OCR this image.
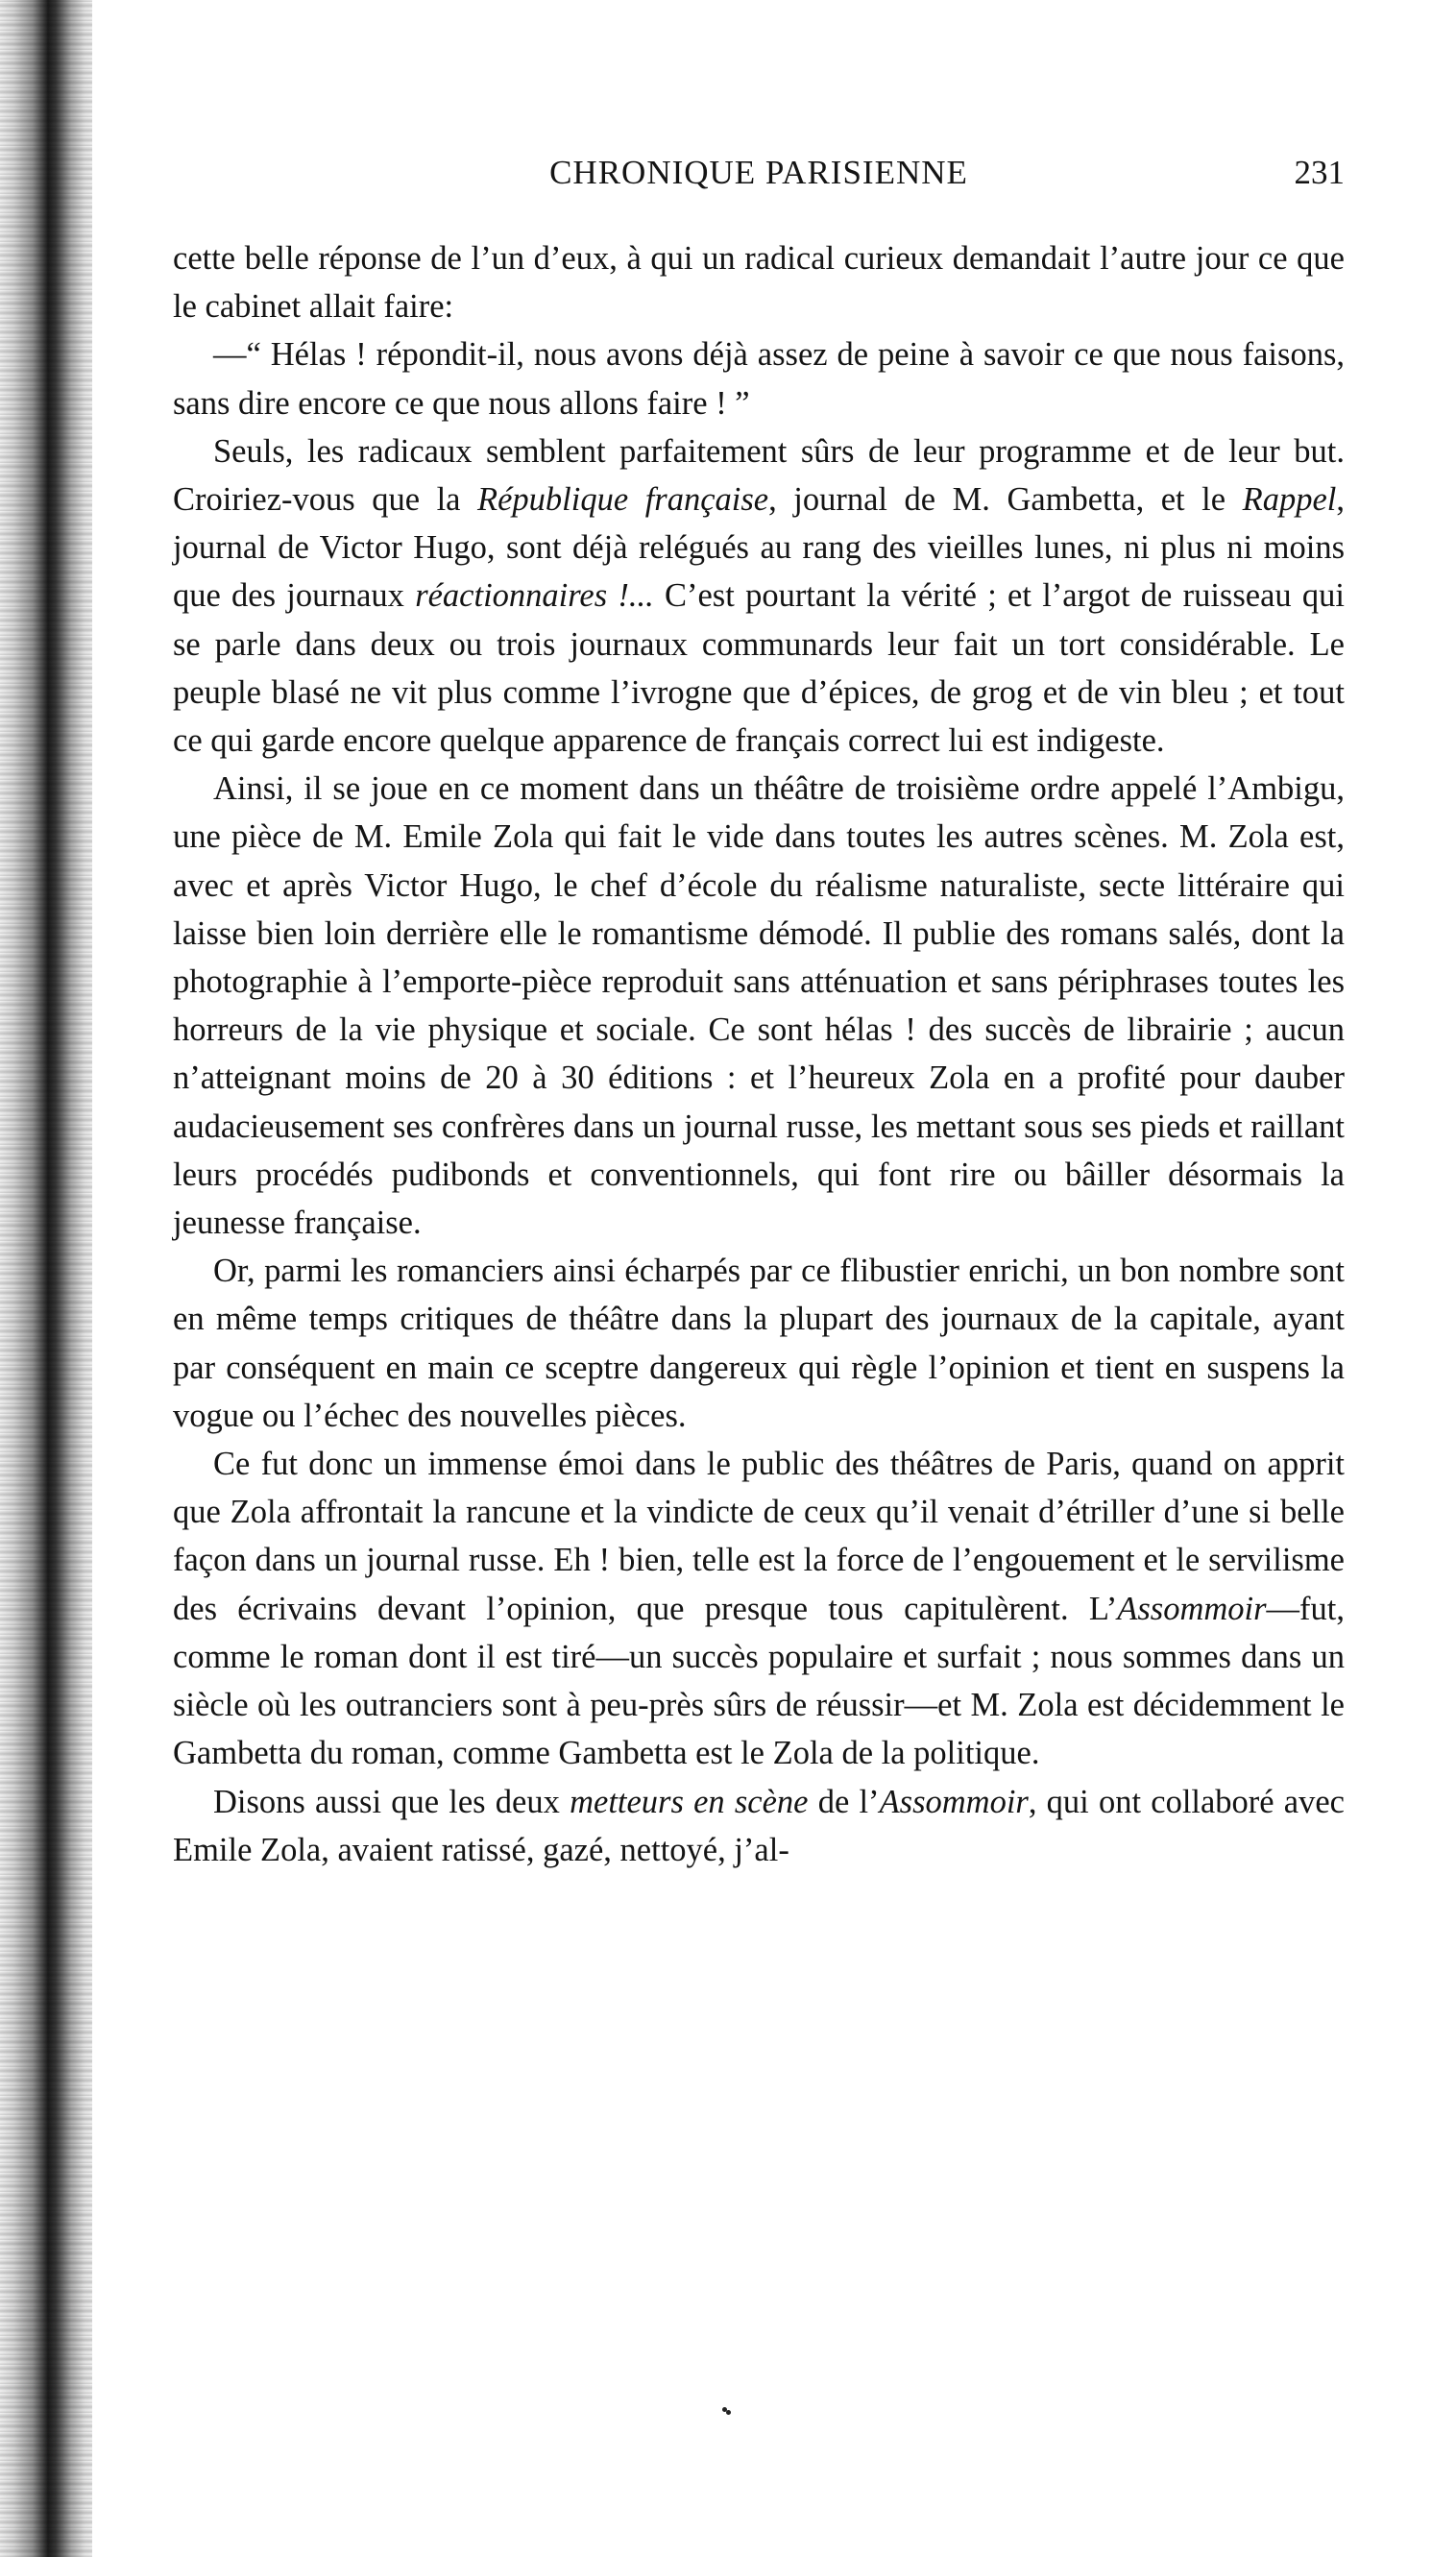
CHRONIQUE PARISIENNE	231

cette belle réponse de l’un d’eux, à qui un radical curieux demandait l’autre jour ce que le cabinet allait faire:

—“ Hélas ! répondit-il, nous avons déjà assez de peine à savoir ce que nous faisons, sans dire encore ce que nous allons faire ! ”

Seuls, les radicaux semblent parfaitement sûrs de leur programme et de leur but. Croiriez-vous que la République française, journal de M. Gambetta, et le Rappel, journal de Victor Hugo, sont déjà relégués au rang des vieilles lunes, ni plus ni moins que des journaux réactionnaires !... C’est pourtant la vérité ; et l’argot de ruisseau qui se parle dans deux ou trois journaux communards leur fait un tort considérable. Le peuple blasé ne vit plus comme l’ivrogne que d’épices, de grog et de vin bleu ; et tout ce qui garde encore quelque apparence de français correct lui est indigeste.

Ainsi, il se joue en ce moment dans un théâtre de troisième ordre appelé l’Ambigu, une pièce de M. Emile Zola qui fait le vide dans toutes les autres scènes. M. Zola est, avec et après Victor Hugo, le chef d’école du réalisme naturaliste, secte littéraire qui laisse bien loin derrière elle le romantisme démodé. Il publie des romans salés, dont la photographie à l’emporte-pièce reproduit sans atténuation et sans périphrases toutes les horreurs de la vie physique et sociale. Ce sont hélas ! des succès de librairie ; aucun n’atteignant moins de 20 à 30 éditions : et l’heureux Zola en a profité pour dauber audacieusement ses confrères dans un journal russe, les mettant sous ses pieds et raillant leurs procédés pudibonds et conventionnels, qui font rire ou bâiller désormais la jeunesse française.

Or, parmi les romanciers ainsi écharpés par ce flibustier enrichi, un bon nombre sont en même temps critiques de théâtre dans la plupart des journaux de la capitale, ayant par conséquent en main ce sceptre dangereux qui règle l’opinion et tient en suspens la vogue ou l’échec des nouvelles pièces.

Ce fut donc un immense émoi dans le public des théâtres de Paris, quand on apprit que Zola affrontait la rancune et la vindicte de ceux qu’il venait d’étriller d’une si belle façon dans un journal russe. Eh ! bien, telle est la force de l’engouement et le servilisme des écrivains devant l’opinion, que presque tous capitulèrent. L’Assommoir—fut, comme le roman dont il est tiré—un succès populaire et surfait ; nous sommes dans un siècle où les outranciers sont à peu-près sûrs de réussir—et M. Zola est décidemment le Gambetta du roman, comme Gambetta est le Zola de la politique.

Disons aussi que les deux metteurs en scène de l’Assommoir, qui ont collaboré avec Emile Zola, avaient ratissé, gazé, nettoyé, j’al-
